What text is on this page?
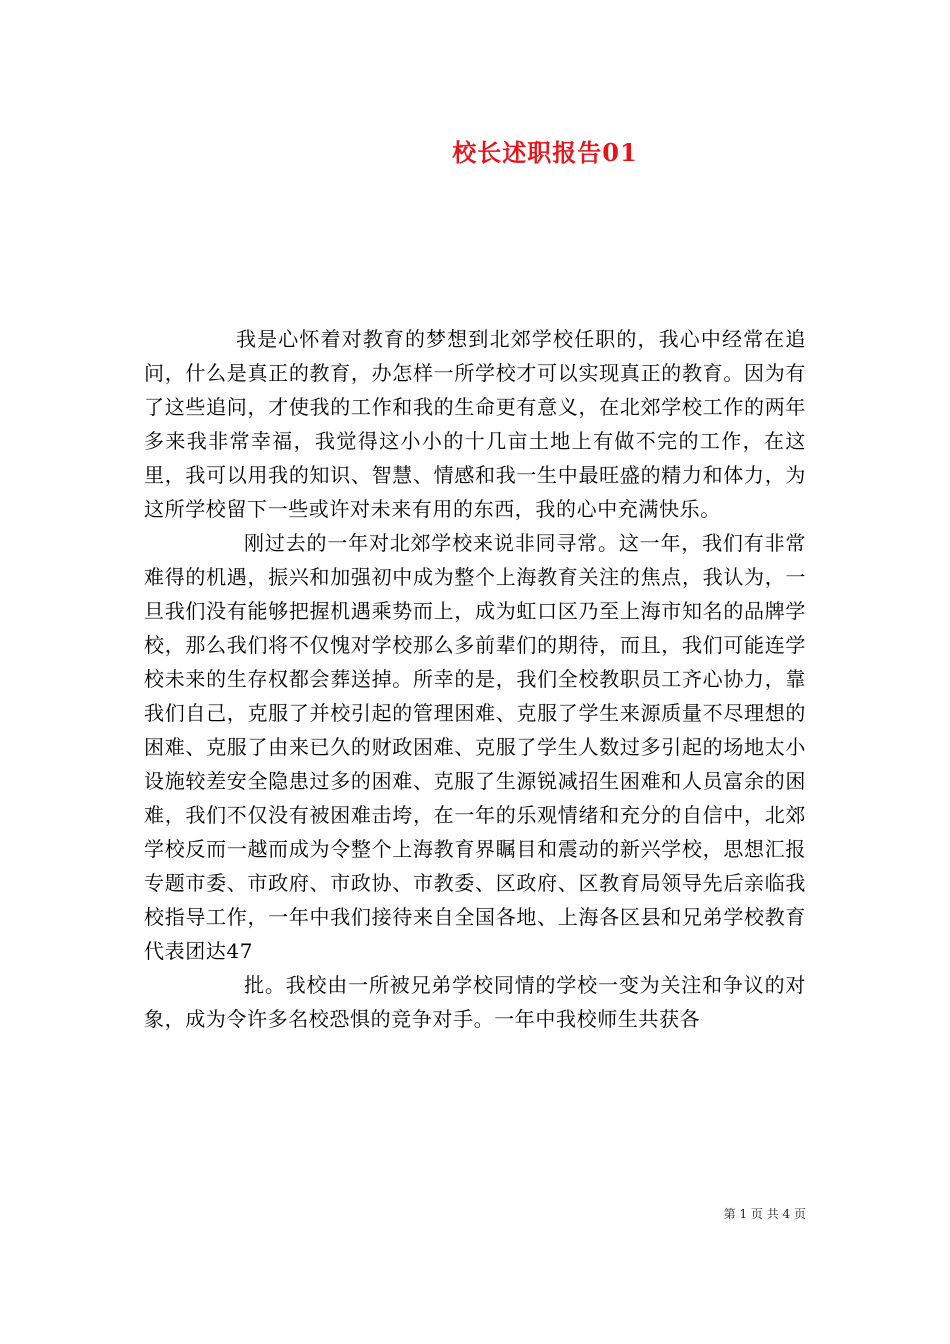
校长述职报告01

我是心怀着对教育的梦想到北郊学校任职的，我心中经常在追问，什么是真正的教育，办怎样一所学校才可以实现真正的教育。因为有了这些追问，才使我的工作和我的生命更有意义，在北郊学校工作的两年多来我非常幸福，我觉得这小小的十几亩土地上有做不完的工作，在这里，我可以用我的知识、智慧、情感和我一生中最旺盛的精力和体力，为这所学校留下一些或许对未来有用的东西，我的心中充满快乐。

刚过去的一年对北郊学校来说非同寻常。这一年，我们有非常难得的机遇，振兴和加强初中成为整个上海教育关注的焦点，我认为，一旦我们没有能够把握机遇乘势而上，成为虹口区乃至上海市知名的品牌学校，那么我们将不仅愧对学校那么多前辈们的期待，而且，我们可能连学校未来的生存权都会葬送掉。所幸的是，我们全校教职员工齐心协力，靠我们自己，克服了并校引起的管理困难、克服了学生来源质量不尽理想的困难、克服了由来已久的财政困难、克服了学生人数过多引起的场地太小设施较差安全隐患过多的困难、克服了生源锐减招生困难和人员富余的困难，我们不仅没有被困难击垮，在一年的乐观情绪和充分的自信中，北郊学校反而一越而成为令整个上海教育界瞩目和震动的新兴学校，思想汇报专题市委、市政府、市政协、市教委、区政府、区教育局领导先后亲临我校指导工作，一年中我们接待来自全国各地、上海各区县和兄弟学校教育代表团达47

批。我校由一所被兄弟学校同情的学校一变为关注和争议的对象，成为令许多名校恐惧的竞争对手。一年中我校师生共获各

第 1 页 共 4 页
